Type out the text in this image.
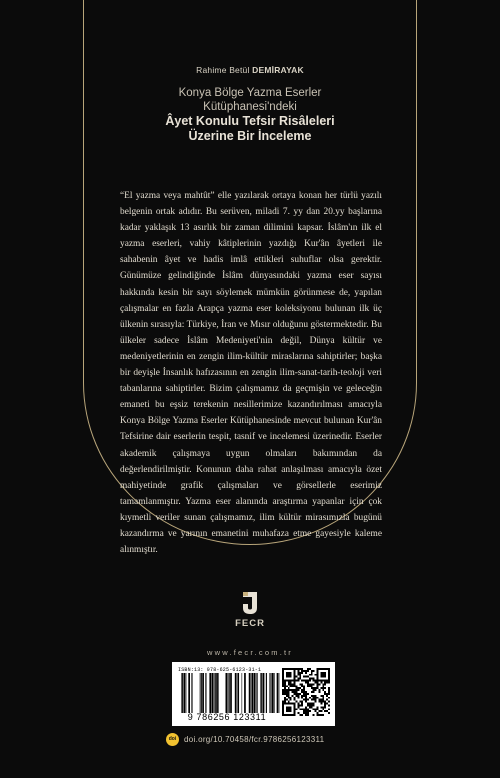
Rahime Betül DEMİRAYAK
Konya Bölge Yazma Eserler
Kütüphanesi'ndeki
Âyet Konulu Tefsir Risâleleri
Üzerine Bir İnceleme

“El yazma veya mahtût” elle yazılarak ortaya konan her türlü yazılı belgenin ortak adıdır. Bu serüven, miladi 7. yy dan 20.yy başlarına kadar yaklaşık 13 asırlık bir zaman dilimini kapsar. İslâm'ın ilk el yazma eserleri, vahiy kâtiplerinin yazdığı Kur'ân âyetleri ile sahabenin âyet ve hadis imlâ ettikleri suhuflar olsa gerektir. Günümüze gelindiğinde İslâm dünyasındaki yazma eser sayısı hakkında kesin bir sayı söylemek mümkün görünmese de, yapılan çalışmalar en fazla Arapça yazma eser koleksiyonu bulunan ilk üç ülkenin sırasıyla: Türkiye, İran ve Mısır olduğunu göstermektedir. Bu ülkeler sadece İslâm Medeniyeti'nin değil, Dünya kültür ve medeniyetlerinin en zengin ilim-kültür miraslarına sahiptirler; başka bir deyişle İnsanlık hafızasının en zengin ilim-sanat-tarih-teoloji veri tabanlarına sahiptirler. Bizim çalışmamız da geçmişin ve geleceğin emaneti bu eşsiz terekenin nesillerimize kazandırılması amacıyla Konya Bölge Yazma Eserler Kütüphanesinde mevcut bulunan Kur'ân Tefsirine dair eserlerin tespit, tasnif ve incelemesi üzerinedir. Eserler akademik çalışmaya uygun olmaları bakımından da değerlendirilmiştir. Konunun daha rahat anlaşılması amacıyla özet mahiyetinde grafik çalışmaları ve görsellerle eserimiz tamamlanmıştır. Yazma eser alanında araştırma yapanlar için çok kıymetli veriler sunan çalışmamız, ilim kültür mirasımızla bugünü kazandırma ve yarının emanetini muhafaza etme gayesiyle kaleme alınmıştır.

FECR
www.fecr.com.tr
ISBN:13: 978-625-6123-31-1
9 786256 123311
doi doi.org/10.70458/fcr.9786256123311
